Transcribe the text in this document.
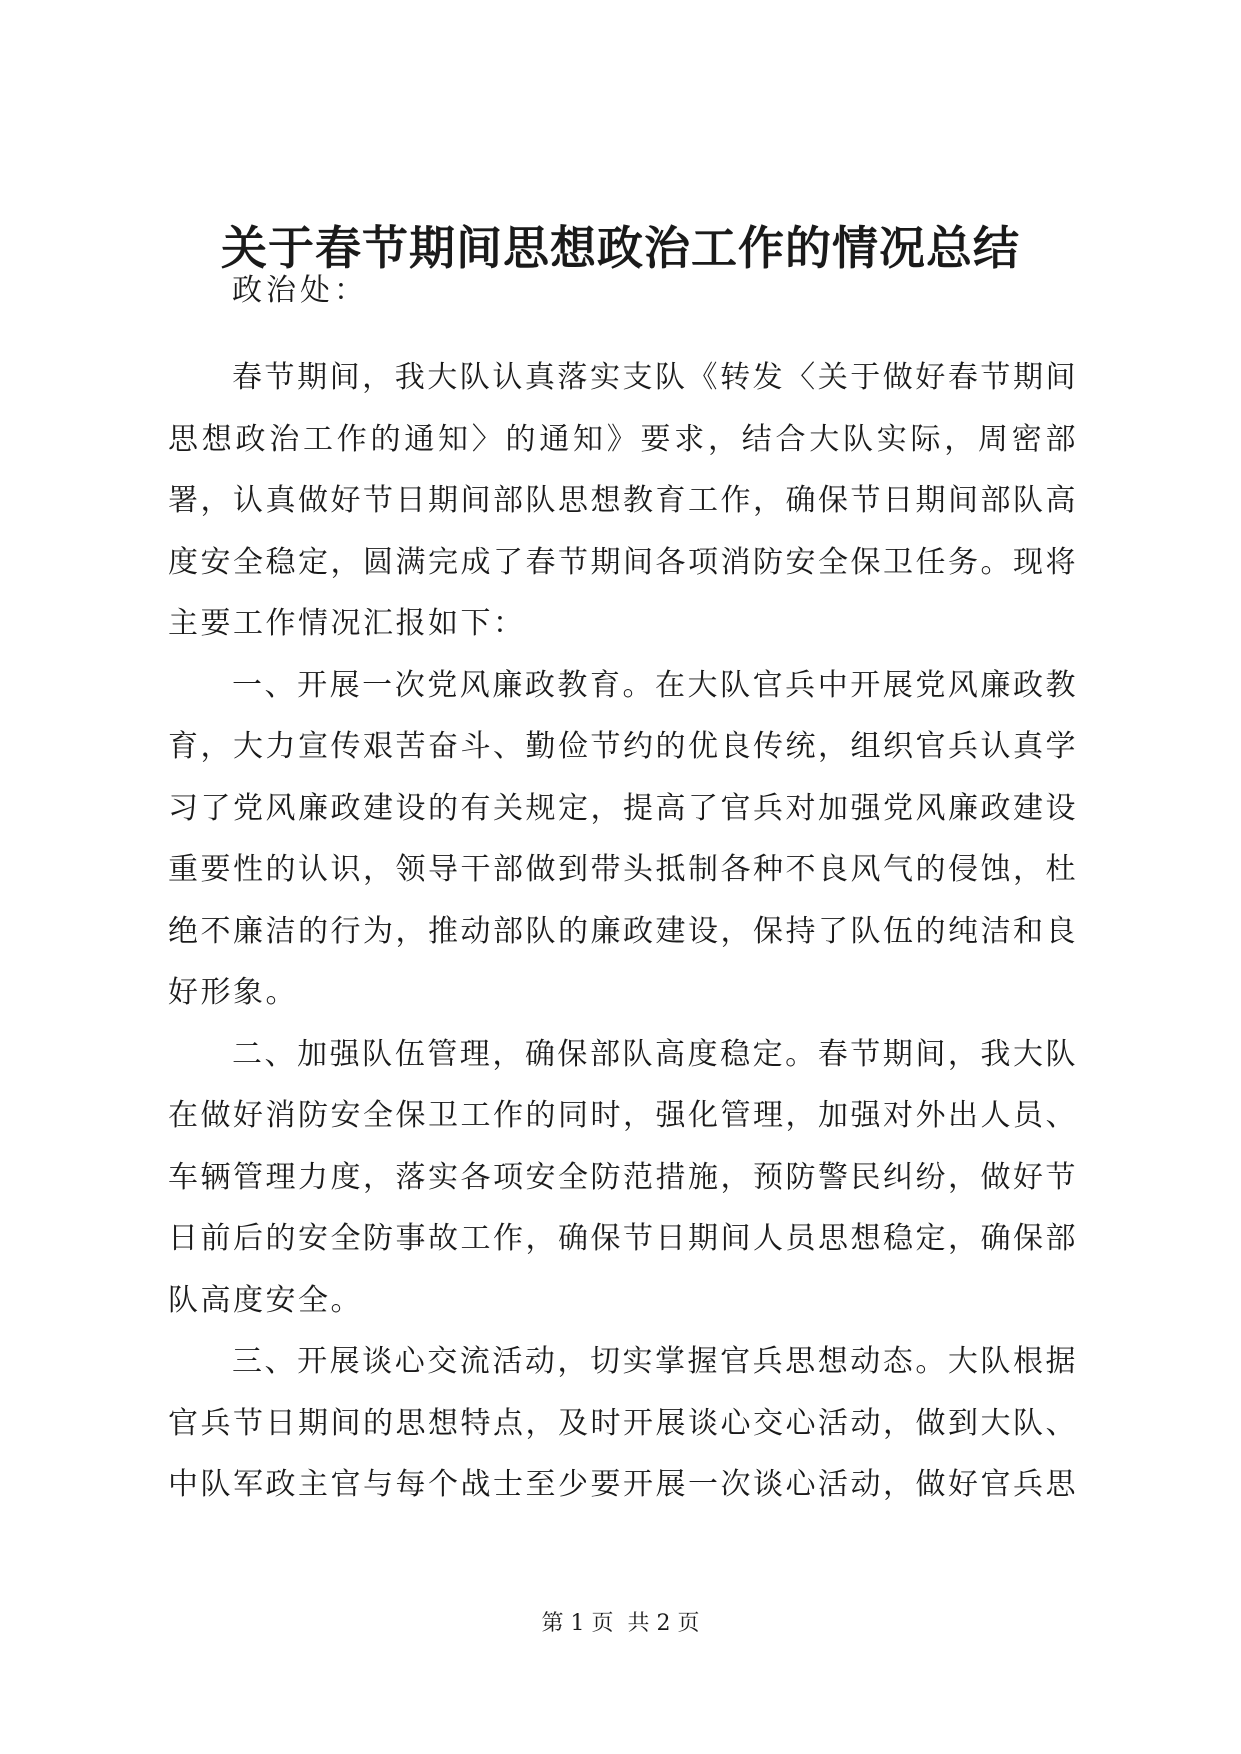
关于春节期间思想政治工作的情况总结

政治处：

春节期间，我大队认真落实支队《转发〈关于做好春节期间思想政治工作的通知〉的通知》要求，结合大队实际，周密部署，认真做好节日期间部队思想教育工作，确保节日期间部队高度安全稳定，圆满完成了春节期间各项消防安全保卫任务。现将主要工作情况汇报如下：

一、开展一次党风廉政教育。在大队官兵中开展党风廉政教育，大力宣传艰苦奋斗、勤俭节约的优良传统，组织官兵认真学习了党风廉政建设的有关规定，提高了官兵对加强党风廉政建设重要性的认识，领导干部做到带头抵制各种不良风气的侵蚀，杜绝不廉洁的行为，推动部队的廉政建设，保持了队伍的纯洁和良好形象。

二、加强队伍管理，确保部队高度稳定。春节期间，我大队在做好消防安全保卫工作的同时，强化管理，加强对外出人员、车辆管理力度，落实各项安全防范措施，预防警民纠纷，做好节日前后的安全防事故工作，确保节日期间人员思想稳定，确保部队高度安全。

三、开展谈心交流活动，切实掌握官兵思想动态。大队根据官兵节日期间的思想特点，及时开展谈心交心活动，做到大队、中队军政主官与每个战士至少要开展一次谈心活动，做好官兵思

第 1 页  共 2 页
